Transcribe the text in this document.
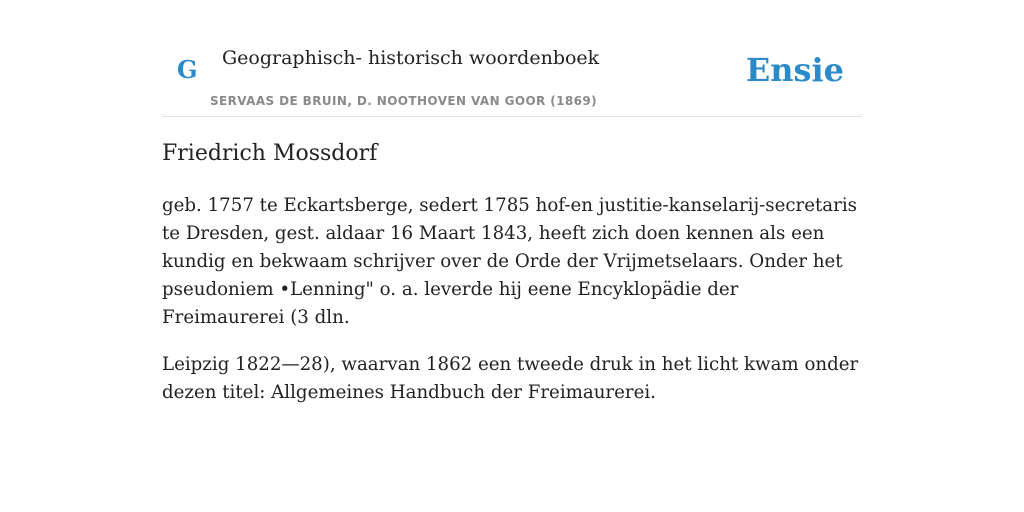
G Geographisch- historisch woordenboek
SERVAAS DE BRUIN, D. NOOTHOVEN VAN GOOR (1869)
Ensie
Friedrich Mossdorf

geb. 1757 te Eckartsberge, sedert 1785 hof-en justitie-kanselarij-secretaris te Dresden, gest. aldaar 16 Maart 1843, heeft zich doen kennen als een kundig en bekwaam schrijver over de Orde der Vrijmetselaars. Onder het pseudoniem •Lenning" o. a. leverde hij eene Encyklopädie der Freimaurerei (3 dln.

Leipzig 1822—28), waarvan 1862 een tweede druk in het licht kwam onder dezen titel: Allgemeines Handbuch der Freimaurerei.
